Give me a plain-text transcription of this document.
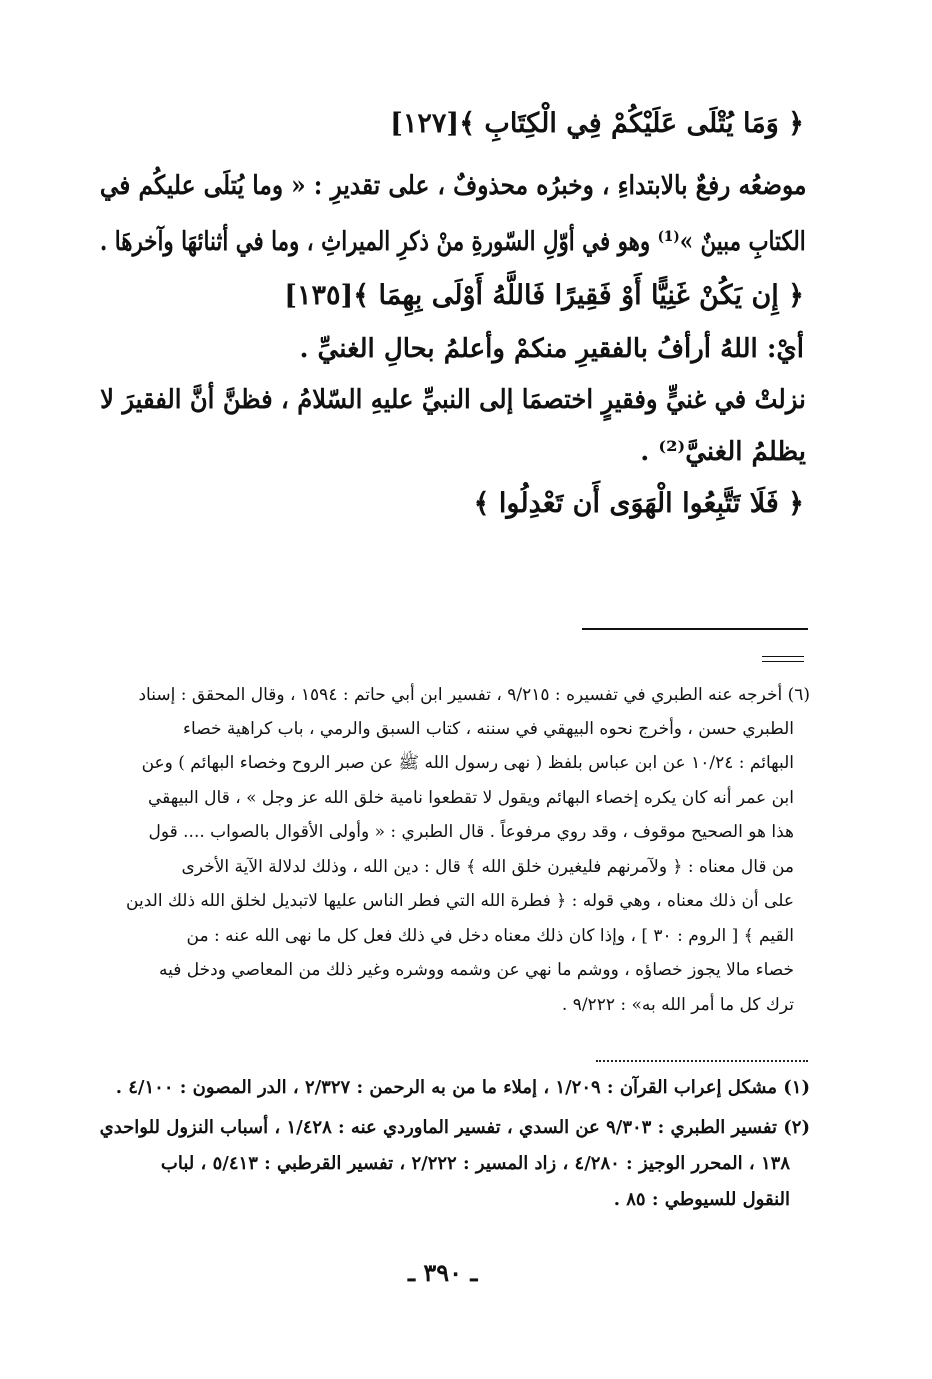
﴿ وَمَا يُتْلَى عَلَيْكُمْ فِي الْكِتَابِ ﴾[١٢٧]
موضعُه رفعٌ بالابتداءِ ، وخبرُه محذوفٌ ، على تقديرِ : « وما يُتلَى عليكُم في
الكتابِ مبينٌ »⁽¹⁾ وهو في أوّلِ السّورةِ منْ ذكرِ الميراثِ ، وما في أثنائهَا وآخرهَا .
﴿ إِن يَكُنْ غَنِيًّا أَوْ فَقِيرًا فَاللَّهُ أَوْلَى بِهِمَا ﴾[١٣٥]
أيْ: اللهُ أرأفُ بالفقيرِ منكمْ وأعلمُ بحالِ الغنيِّ .
نزلتْ في غنيٍّ وفقيرٍ اختصمَا إلى النبيِّ عليهِ السّلامُ ، فظنَّ أنَّ الفقيرَ لا
يظلمُ الغنيَّ⁽²⁾ .
﴿ فَلَا تَتَّبِعُوا الْهَوَى أَن تَعْدِلُوا ﴾
(٦) أخرجه عنه الطبري في تفسيره : ٩/٢١٥ ، تفسير ابن أبي حاتم : ١٥٩٤ ، وقال المحقق : إسناد
الطبري حسن ، وأخرج نحوه البيهقي في سننه ، كتاب السبق والرمي ، باب كراهية خصاء
البهائم : ١٠/٢٤ عن ابن عباس بلفظ ( نهى رسول الله ﷺ عن صبر الروح وخصاء البهائم ) وعن
ابن عمر أنه كان يكره إخصاء البهائم ويقول لا تقطعوا نامية خلق الله عز وجل » ، قال البيهقي
هذا هو الصحيح موقوف ، وقد روي مرفوعاً . قال الطبري : « وأولى الأقوال بالصواب .... قول
من قال معناه : ﴿ ولآمرنهم فليغيرن خلق الله ﴾ قال : دين الله ، وذلك لدلالة الآية الأخرى
على أن ذلك معناه ، وهي قوله : ﴿ فطرة الله التي فطر الناس عليها لاتبديل لخلق الله ذلك الدين
القيم ﴾ [ الروم : ٣٠ ] ، وإذا كان ذلك معناه دخل في ذلك فعل كل ما نهى الله عنه : من
خصاء مالا يجوز خصاؤه ، ووشم ما نهي عن وشمه ووشره وغير ذلك من المعاصي ودخل فيه
ترك كل ما أمر الله به» : ٩/٢٢٢ .
(١) مشكل إعراب القرآن : ١/٢٠٩ ، إملاء ما من به الرحمن : ٢/٣٢٧ ، الدر المصون : ٤/١٠٠ .
(٢) تفسير الطبري : ٩/٣٠٣ عن السدي ، تفسير الماوردي عنه : ١/٤٢٨ ، أسباب النزول للواحدي
١٣٨ ، المحرر الوجيز : ٤/٢٨٠ ، زاد المسير : ٢/٢٢٢ ، تفسير القرطبي : ٥/٤١٣ ، لباب
النقول للسيوطي : ٨٥ .
ـ ٣٩٠ ـ
